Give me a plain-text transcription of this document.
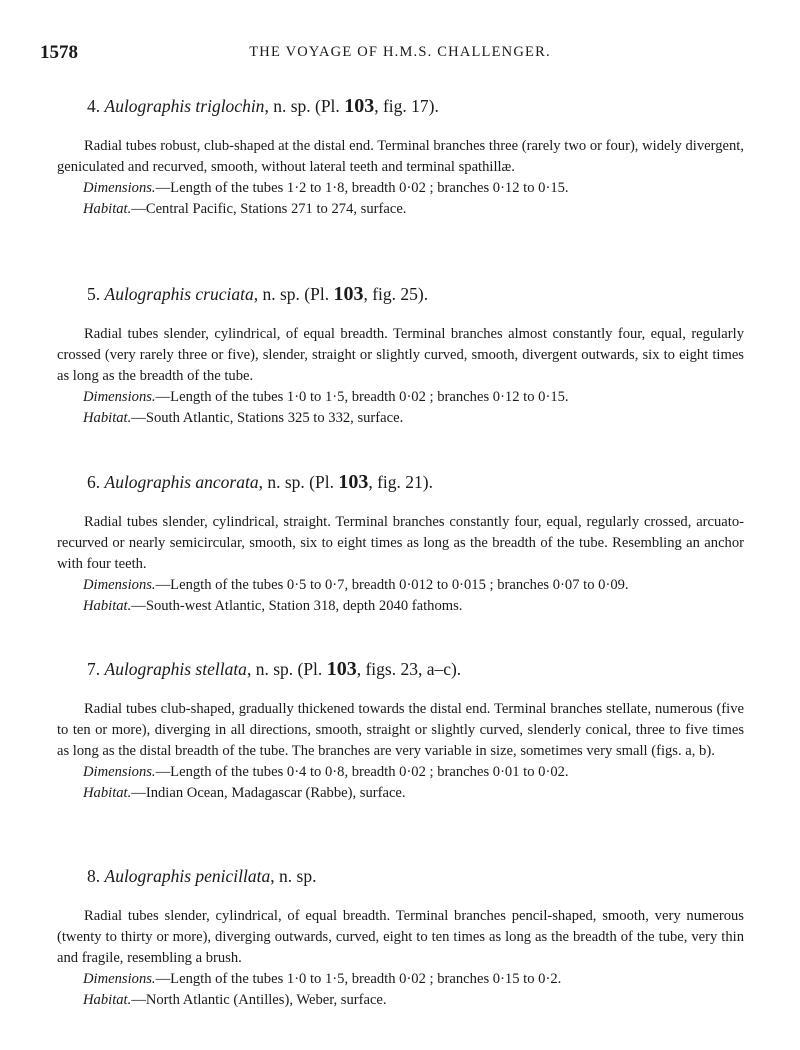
1578	THE VOYAGE OF H.M.S. CHALLENGER.
4. Aulographis triglochin, n. sp. (Pl. 103, fig. 17).
Radial tubes robust, club-shaped at the distal end. Terminal branches three (rarely two or four), widely divergent, geniculated and recurved, smooth, without lateral teeth and terminal spathillæ.
Dimensions.—Length of the tubes 1·2 to 1·8, breadth 0·02 ; branches 0·12 to 0·15.
Habitat.—Central Pacific, Stations 271 to 274, surface.
5. Aulographis cruciata, n. sp. (Pl. 103, fig. 25).
Radial tubes slender, cylindrical, of equal breadth. Terminal branches almost constantly four, equal, regularly crossed (very rarely three or five), slender, straight or slightly curved, smooth, divergent outwards, six to eight times as long as the breadth of the tube.
Dimensions.—Length of the tubes 1·0 to 1·5, breadth 0·02 ; branches 0·12 to 0·15.
Habitat.—South Atlantic, Stations 325 to 332, surface.
6. Aulographis ancorata, n. sp. (Pl. 103, fig. 21).
Radial tubes slender, cylindrical, straight. Terminal branches constantly four, equal, regularly crossed, arcuato-recurved or nearly semicircular, smooth, six to eight times as long as the breadth of the tube. Resembling an anchor with four teeth.
Dimensions.—Length of the tubes 0·5 to 0·7, breadth 0·012 to 0·015 ; branches 0·07 to 0·09.
Habitat.—South-west Atlantic, Station 318, depth 2040 fathoms.
7. Aulographis stellata, n. sp. (Pl. 103, figs. 23, a–c).
Radial tubes club-shaped, gradually thickened towards the distal end. Terminal branches stellate, numerous (five to ten or more), diverging in all directions, smooth, straight or slightly curved, slenderly conical, three to five times as long as the distal breadth of the tube. The branches are very variable in size, sometimes very small (figs. a, b).
Dimensions.—Length of the tubes 0·4 to 0·8, breadth 0·02 ; branches 0·01 to 0·02.
Habitat.—Indian Ocean, Madagascar (Rabbe), surface.
8. Aulographis penicillata, n. sp.
Radial tubes slender, cylindrical, of equal breadth. Terminal branches pencil-shaped, smooth, very numerous (twenty to thirty or more), diverging outwards, curved, eight to ten times as long as the breadth of the tube, very thin and fragile, resembling a brush.
Dimensions.—Length of the tubes 1·0 to 1·5, breadth 0·02 ; branches 0·15 to 0·2.
Habitat.—North Atlantic (Antilles), Weber, surface.
